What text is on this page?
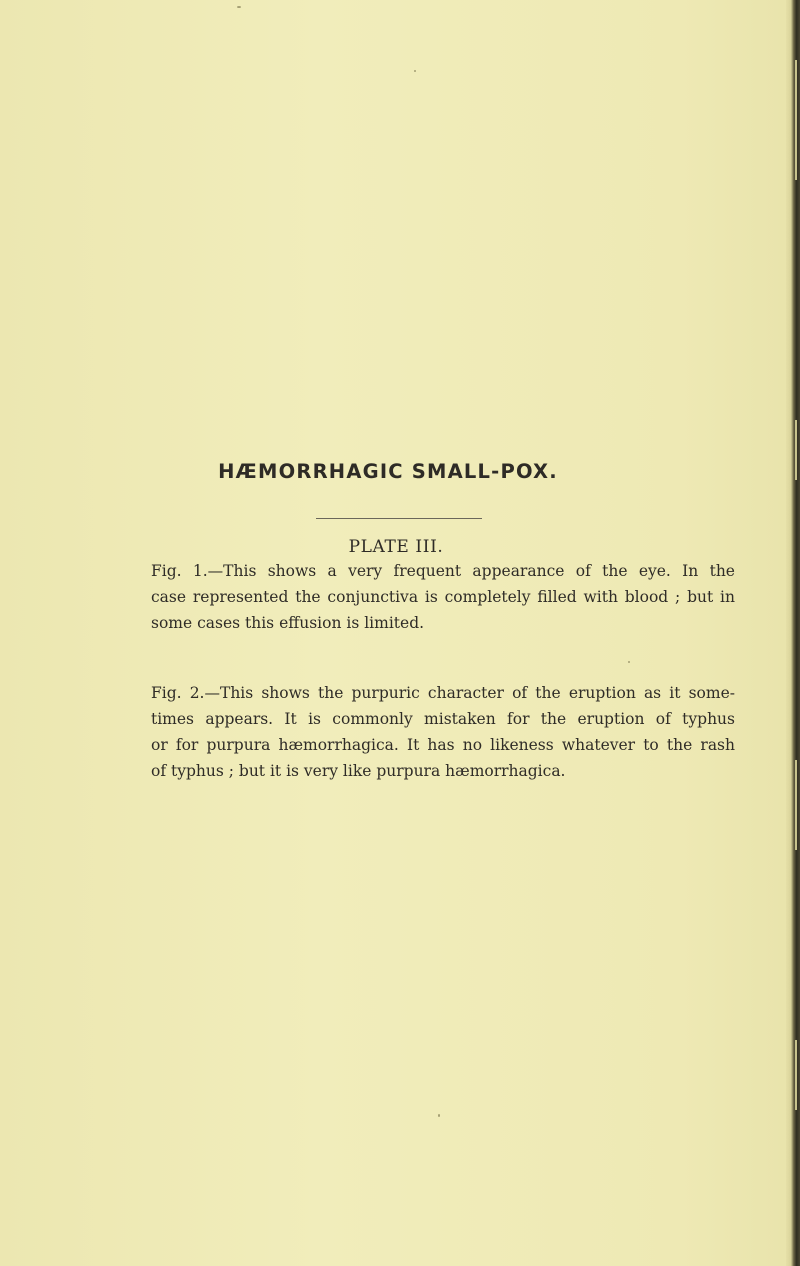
HÆMORRHAGIC SMALL-POX.
PLATE III.
Fig. 1.—This shows a very frequent appearance of the eye. In the
case represented the conjunctiva is completely filled with blood ; but in
some cases this effusion is limited.
Fig. 2.—This shows the purpuric character of the eruption as it some-
times appears. It is commonly mistaken for the eruption of typhus
or for purpura hæmorrhagica. It has no likeness whatever to the rash
of typhus ; but it is very like purpura hæmorrhagica.
